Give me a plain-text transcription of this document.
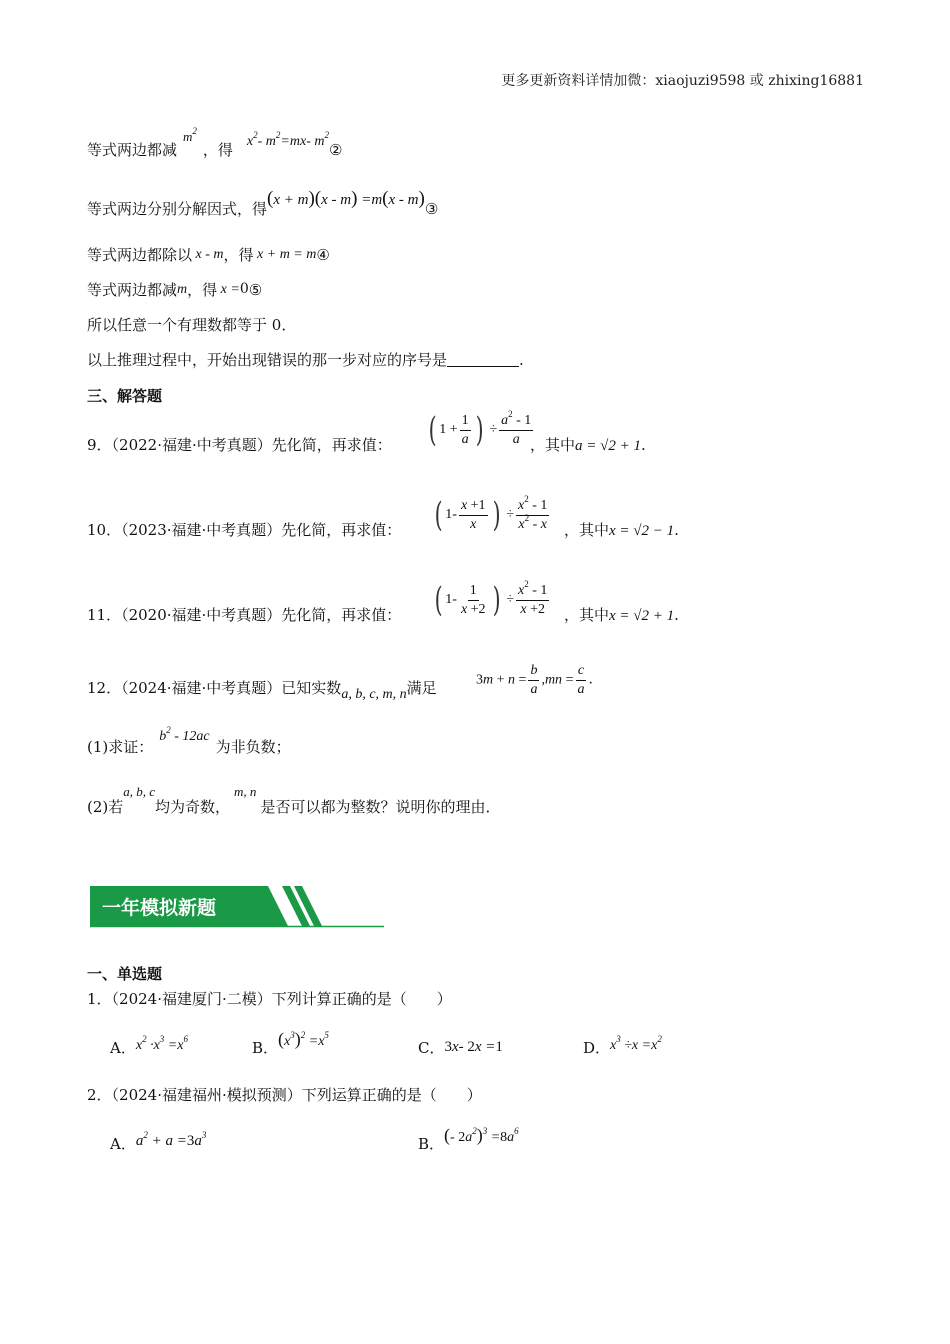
更多更新资料详情加微：xiaojuzi9598 或 zhixing16881
等式两边都减$m^2$，得 $x^2-$ $m^2=mx-$ $m^2②$
等式两边分别分解因式，得(x + m)(x - m) =m(x - m)③
等式两边都除以 x - m，得 x + m = m④
等式两边都减m，得 x =0⑤
所以任意一个有理数都等于 0．
以上推理过程中，开始出现错误的那一步对应的序号是	.
三、解答题
9．（2022·福建·中考真题）先化简，再求值： ( $1 + \frac{1}{a}$ ) ÷ $\frac{a^2 - 1}{a}$
，其中a = √2 + 1.
10．（2023·福建·中考真题）先化简，再求值： ( $1- \frac{x +1}{x}$ ) ÷ $\frac{x^2 - 1}{x^2 - x}$ ，其中x = √2 − 1.
11．（2020·福建·中考真题）先化简，再求值： ( $1- \frac{1}{x +2}$ ) ÷ $\frac{x^2 - 1}{x +2}$ ，其中x = √2 + 1.
12．（2024·福建·中考真题）已知实数a, b, c, m, n满足	$3m + n = \frac{b}{a} ,mn = \frac{c}{a}$ ．
(1)求证：$b^2 - 12ac$为非负数；
(2)若a, b, c均为奇数，m, n是否可以都为整数？说明你的理由．
一年模拟新题
一、单选题
1．（2024·福建厦门·二模）下列计算正确的是（　　）
A．$x^2 \cdot x^3 =x^6$	B．$(x^3)^2 =x^5$
C．3x- 2x =1	D．$x^3 \div x =x^2$
2．（2024·福建福州·模拟预测）下列运算正确的是（　　）
A．$a^2 + a =3a^3$	B．(- $2a^2)^3 =8a^6$
